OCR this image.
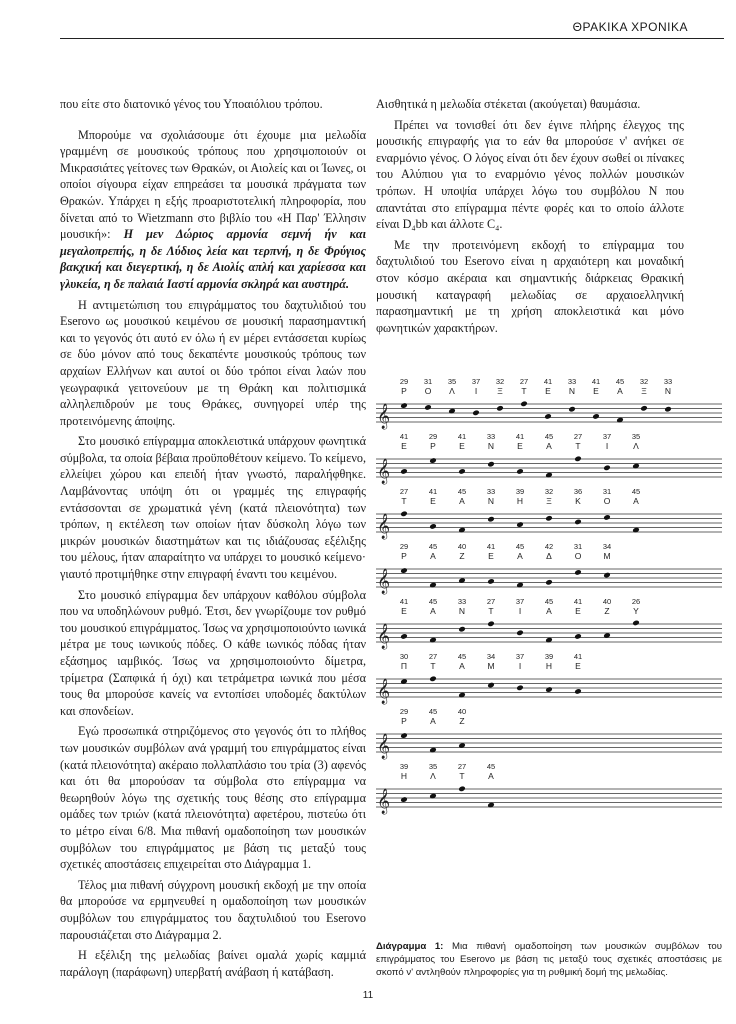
ΘΡΑΚΙΚΑ ΧΡΟΝΙΚΑ

που είτε στο διατονικό γένος του Υποαιόλιου τρόπου.

Μπορούμε να σχολιάσουμε ότι έχουμε μια μελωδία γραμμένη σε μουσικούς τρόπους που χρησιμοποιούν οι Μικρασιάτες γείτονες των Θρακών, οι Αιολείς και οι Ίωνες, οι οποίοι σίγουρα είχαν επηρεάσει τα μουσικά πράγματα των Θρακών. Υπάρχει η εξής προαριστοτελική πληροφορία, που δίνεται από το Wietzmann στο βιβλίο του «Η Παρ' Έλλησιν μουσική»: Η μεν Δώριος αρμονία σεμνή ήν και μεγαλοπρεπής, η δε Λύδιος λεία και τερπνή, η δε Φρύγιος βακχική και διεγερτική, η δε Αιολίς απλή και χαρίεσσα και γλυκεία, η δε παλαιά Ιαστί αρμονία σκληρά και αυστηρά.

Η αντιμετώπιση του επιγράμματος του δαχτυλιδιού του Eserovo ως μουσικού κειμένου σε μουσική παρασημαντική και το γεγονός ότι αυτό εν όλω ή εν μέρει εντάσσεται κυρίως σε δύο μόνον από τους δεκαπέντε μουσικούς τρόπους των αρχαίων Ελλήνων και αυτοί οι δύο τρόποι είναι λαών που γεωγραφικά γειτονεύουν με τη Θράκη και πολιτισμικά αλληλεπιδρούν με τους Θράκες, συνηγορεί υπέρ της προτεινόμενης άποψης.

Στο μουσικό επίγραμμα αποκλειστικά υπάρχουν φωνητικά σύμβολα, τα οποία βέβαια προϋποθέτουν κείμενο. Το κείμενο, ελλείψει χώρου και επειδή ήταν γνωστό, παραλήφθηκε. Λαμβάνοντας υπόψη ότι οι γραμμές της επιγραφής εντάσσονται σε χρωματικά γένη (κατά πλειονότητα) των τρόπων, η εκτέλεση των οποίων ήταν δύσκολη λόγω των μικρών μουσικών διαστημάτων και τις ιδιάζουσας εξέλιξης του μέλους, ήταν απαραίτητο να υπάρχει το μουσικό κείμενο· γιαυτό προτιμήθηκε στην επιγραφή έναντι του κειμένου.

Στο μουσικό επίγραμμα δεν υπάρχουν καθόλου σύμβολα που να υποδηλώνουν ρυθμό. Έτσι, δεν γνωρίζουμε τον ρυθμό του μουσικού επιγράμματος. Ίσως να χρησιμοποιούντο ιωνικά μέτρα με τους ιωνικούς πόδες. Ο κάθε ιωνικός πόδας ήταν εξάσημος ιαμβικός. Ίσως να χρησιμοποιούντο δίμετρα, τρίμετρα (Σαπφικά ή όχι) και τετράμετρα ιωνικά που μέσα τους θα μπορούσε κανείς να εντοπίσει υποδομές δακτύλων και σπονδείων.

Εγώ προσωπικά στηριζόμενος στο γεγονός ότι το πλήθος των μουσικών συμβόλων ανά γραμμή του επιγράμματος είναι (κατά πλειονότητα) ακέραιο πολλαπλάσιο του τρία (3) αφενός και ότι θα μπορούσαν τα σύμβολα στο επίγραμμα να θεωρηθούν λόγω της σχετικής τους θέσης στο επίγραμμα ομάδες των τριών (κατά πλειονότητα) αφετέρου, πιστεύω ότι το μέτρο είναι 6/8. Μια πιθανή ομαδοποίηση των μουσικών συμβόλων του επιγράμματος με βάση τις μεταξύ τους σχετικές αποστάσεις επιχειρείται στο Διάγραμμα 1.

Τέλος μια πιθανή σύγχρονη μουσική εκδοχή με την οποία θα μπορούσε να ερμηνευθεί η ομαδοποίηση των μουσικών συμβόλων του επιγράμματος του δαχτυλιδιού του Eserovo παρουσιάζεται στο Διάγραμμα 2.

Η εξέλιξη της μελωδίας βαίνει ομαλά χωρίς καμμιά παράλογη (παράφωνη) υπερβατή ανάβαση ή κατάβαση.

Αισθητικά η μελωδία στέκεται (ακούγεται) θαυμάσια.

Πρέπει να τονισθεί ότι δεν έγινε πλήρης έλεγχος της μουσικής επιγραφής για το εάν θα μπορούσε ν' ανήκει σε εναρμόνιο γένος. Ο λόγος είναι ότι δεν έχουν σωθεί οι πίνακες του Αλύπιου για το εναρμόνιο γένος πολλών μουσικών τρόπων. Η υποψία υπάρχει λόγω του συμβόλου Ν που απαντάται στο επίγραμμα πέντε φορές και το οποίο άλλοτε είναι D₄bb και άλλοτε C₄.

Με την προτεινόμενη εκδοχή το επίγραμμα του δαχτυλιδιού του Eserovo είναι η αρχαιότερη και μοναδική στον κόσμο ακέραια και σημαντικής διάρκειας Θρακική μουσική καταγραφή μελωδίας σε αρχαιοελληνική παρασημαντική με τη χρήση αποκλειστικά και μόνο φωνητικών χαρακτήρων.

𝄞
29
Ρ
31
Ο
35
Λ
37
Ι
32
Ξ
27
Τ
41
Ε
33
Ν
41
Ε
45
Α
32
Ξ
33
Ν
𝄞
41
Ε
29
Ρ
41
Ε
33
Ν
41
Ε
45
Α
27
Τ
37
Ι
35
Λ
𝄞
27
Τ
41
Ε
45
Α
33
Ν
39
Η
32
Ξ
36
Κ
31
Ο
45
Α
𝄞
29
Ρ
45
Α
40
Ζ
41
Ε
45
Α
42
Δ
31
Ο
34
Μ
𝄞
41
Ε
45
Α
33
Ν
27
Τ
37
Ι
45
Α
41
Ε
40
Ζ
26
Υ
𝄞
30
Π
27
Τ
45
Α
34
Μ
37
Ι
39
Η
41
Ε
𝄞
29
Ρ
45
Α
40
Ζ
𝄞
39
Η
35
Λ
27
Τ
45
Α
Διάγραμμα 1: Μια πιθανή ομαδοποίηση των μουσικών συμβόλων του επιγράμματος του Eserovo με βάση τις μεταξύ τους σχετικές αποστάσεις με σκοπό ν' αντληθούν πληροφορίες για τη ρυθμική δομή της μελωδίας.
11
